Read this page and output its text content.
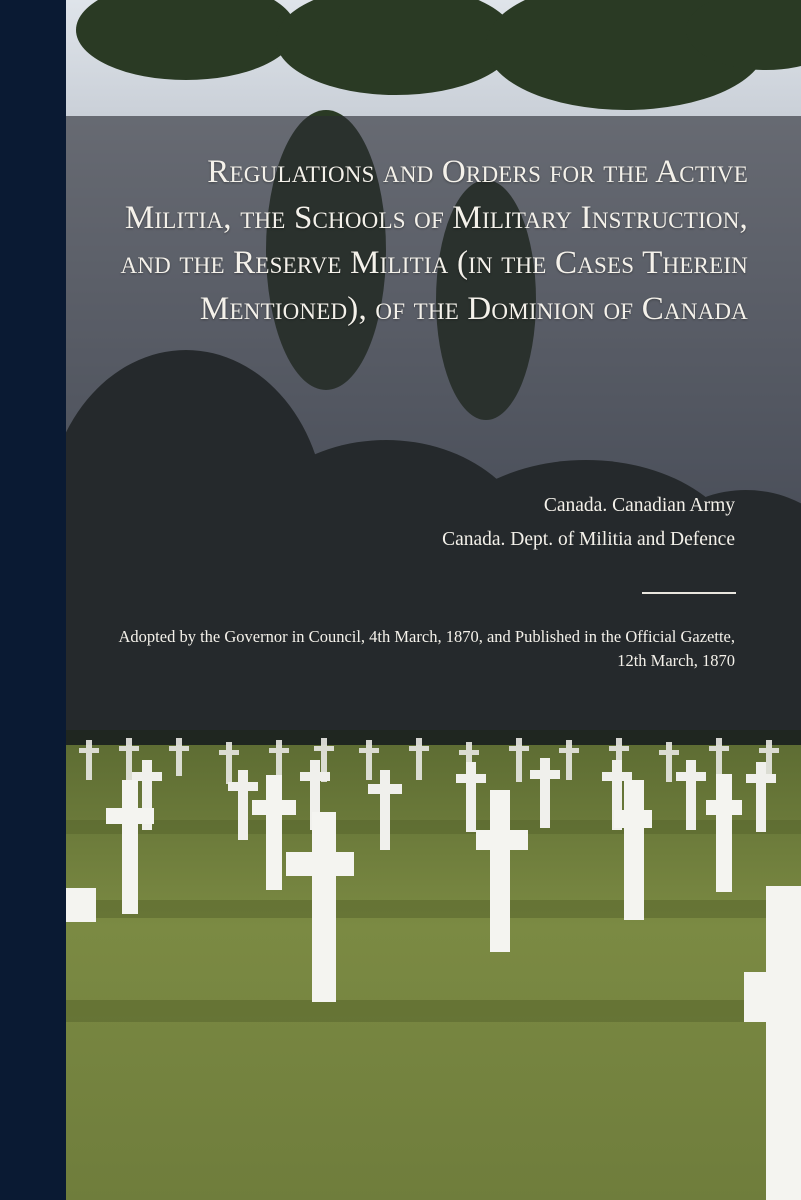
Regulations and Orders for the Active Militia, the Schools of Military Instruction, and the Reserve Militia (in the Cases Therein Mentioned), of the Dominion of Canada
Canada. Canadian Army
Canada. Dept. of Militia and Defence
Adopted by the Governor in Council, 4th March, 1870, and Published in the Official Gazette, 12th March, 1870
